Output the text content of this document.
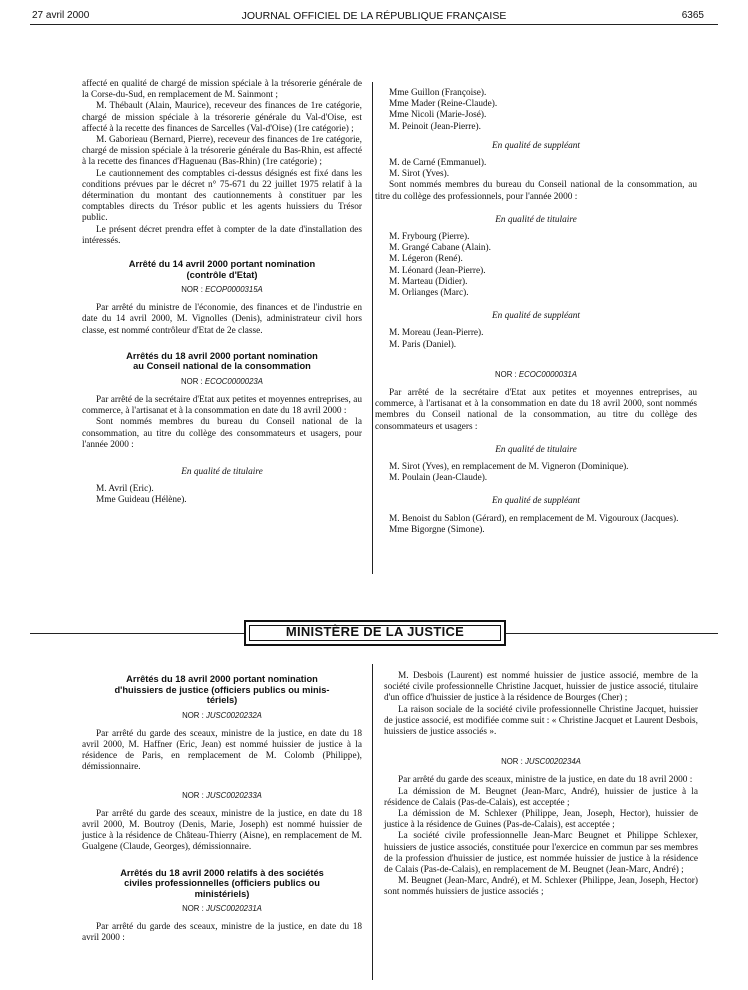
27 avril 2000	JOURNAL OFFICIEL DE LA RÉPUBLIQUE FRANÇAISE	6365

affecté en qualité de chargé de mission spéciale à la trésorerie générale de la Corse-du-Sud, en remplacement de M. Sainmont ;

M. Thébault (Alain, Maurice), receveur des finances de 1re catégorie, chargé de mission spéciale à la trésorerie générale du Val-d'Oise, est affecté à la recette des finances de Sarcelles (Val-d'Oise) (1re catégorie) ;

M. Gaborieau (Bernard, Pierre), receveur des finances de 1re catégorie, chargé de mission spéciale à la trésorerie générale du Bas-Rhin, est affecté à la recette des finances d'Haguenau (Bas-Rhin) (1re catégorie) ;

Le cautionnement des comptables ci-dessus désignés est fixé dans les conditions prévues par le décret n° 75-671 du 22 juillet 1975 relatif à la détermination du montant des cautionnements à constituer par les comptables directs du Trésor public et les agents huissiers du Trésor public.

Le présent décret prendra effet à compter de la date d'installation des intéressés.

Arrêté du 14 avril 2000 portant nomination
(contrôle d'Etat)
NOR : ECOP0000315A

Par arrêté du ministre de l'économie, des finances et de l'industrie en date du 14 avril 2000, M. Vignolles (Denis), administrateur civil hors classe, est nommé contrôleur d'Etat de 2e classe.

Arrêtés du 18 avril 2000 portant nomination
au Conseil national de la consommation
NOR : ECOC0000023A

Par arrêté de la secrétaire d'Etat aux petites et moyennes entreprises, au commerce, à l'artisanat et à la consommation en date du 18 avril 2000 :

Sont nommés membres du bureau du Conseil national de la consommation, au titre du collège des consommateurs et usagers, pour l'année 2000 :

En qualité de titulaire
M. Avril (Eric).
Mme Guideau (Hélène).
Mme Guillon (Françoise).
Mme Mader (Reine-Claude).
Mme Nicoli (Marie-José).
M. Peinoit (Jean-Pierre).
En qualité de suppléant
M. de Carné (Emmanuel).
M. Sirot (Yves).

Sont nommés membres du bureau du Conseil national de la consommation, au titre du collège des professionnels, pour l'année 2000 :

En qualité de titulaire
M. Frybourg (Pierre).
M. Grangé Cabane (Alain).
M. Légeron (René).
M. Léonard (Jean-Pierre).
M. Marteau (Didier).
M. Orlianges (Marc).
En qualité de suppléant
M. Moreau (Jean-Pierre).
M. Paris (Daniel).
NOR : ECOC0000031A

Par arrêté de la secrétaire d'Etat aux petites et moyennes entreprises, au commerce, à l'artisanat et à la consommation en date du 18 avril 2000, sont nommés membres du Conseil national de la consommation, au titre du collège des consommateurs et usagers :

En qualité de titulaire
M. Sirot (Yves), en remplacement de M. Vigneron (Dominique).
M. Poulain (Jean-Claude).
En qualité de suppléant
M. Benoist du Sablon (Gérard), en remplacement de M. Vigouroux (Jacques).
Mme Bigorgne (Simone).
MINISTÈRE DE LA JUSTICE
Arrêtés du 18 avril 2000 portant nomination
d'huissiers de justice (officiers publics ou minis-
tériels)
NOR : JUSC0020232A

Par arrêté du garde des sceaux, ministre de la justice, en date du 18 avril 2000, M. Haffner (Eric, Jean) est nommé huissier de justice à la résidence de Paris, en remplacement de M. Colomb (Philippe), démissionnaire.

NOR : JUSC0020233A

Par arrêté du garde des sceaux, ministre de la justice, en date du 18 avril 2000, M. Boutroy (Denis, Marie, Joseph) est nommé huissier de justice à la résidence de Château-Thierry (Aisne), en remplacement de M. Gualgene (Claude, Georges), démissionnaire.

Arrêtés du 18 avril 2000 relatifs à des sociétés
civiles professionnelles (officiers publics ou
ministériels)
NOR : JUSC0020231A

Par arrêté du garde des sceaux, ministre de la justice, en date du 18 avril 2000 :

M. Desbois (Laurent) est nommé huissier de justice associé, membre de la société civile professionnelle Christine Jacquet, huissier de justice associé, titulaire d'un office d'huissier de justice à la résidence de Bourges (Cher) ;

La raison sociale de la société civile professionnelle Christine Jacquet, huissier de justice associé, est modifiée comme suit : « Christine Jacquet et Laurent Desbois, huissiers de justice associés ».

NOR : JUSC0020234A

Par arrêté du garde des sceaux, ministre de la justice, en date du 18 avril 2000 :

La démission de M. Beugnet (Jean-Marc, André), huissier de justice à la résidence de Calais (Pas-de-Calais), est acceptée ;

La démission de M. Schlexer (Philippe, Jean, Joseph, Hector), huissier de justice à la résidence de Guines (Pas-de-Calais), est acceptée ;

La société civile professionnelle Jean-Marc Beugnet et Philippe Schlexer, huissiers de justice associés, constituée pour l'exercice en commun par ses membres de la profession d'huissier de justice, est nommée huissier de justice à la résidence de Calais (Pas-de-Calais), en remplacement de M. Beugnet (Jean-Marc, André) ;

M. Beugnet (Jean-Marc, André), et M. Schlexer (Philippe, Jean, Joseph, Hector) sont nommés huissiers de justice associés ;
